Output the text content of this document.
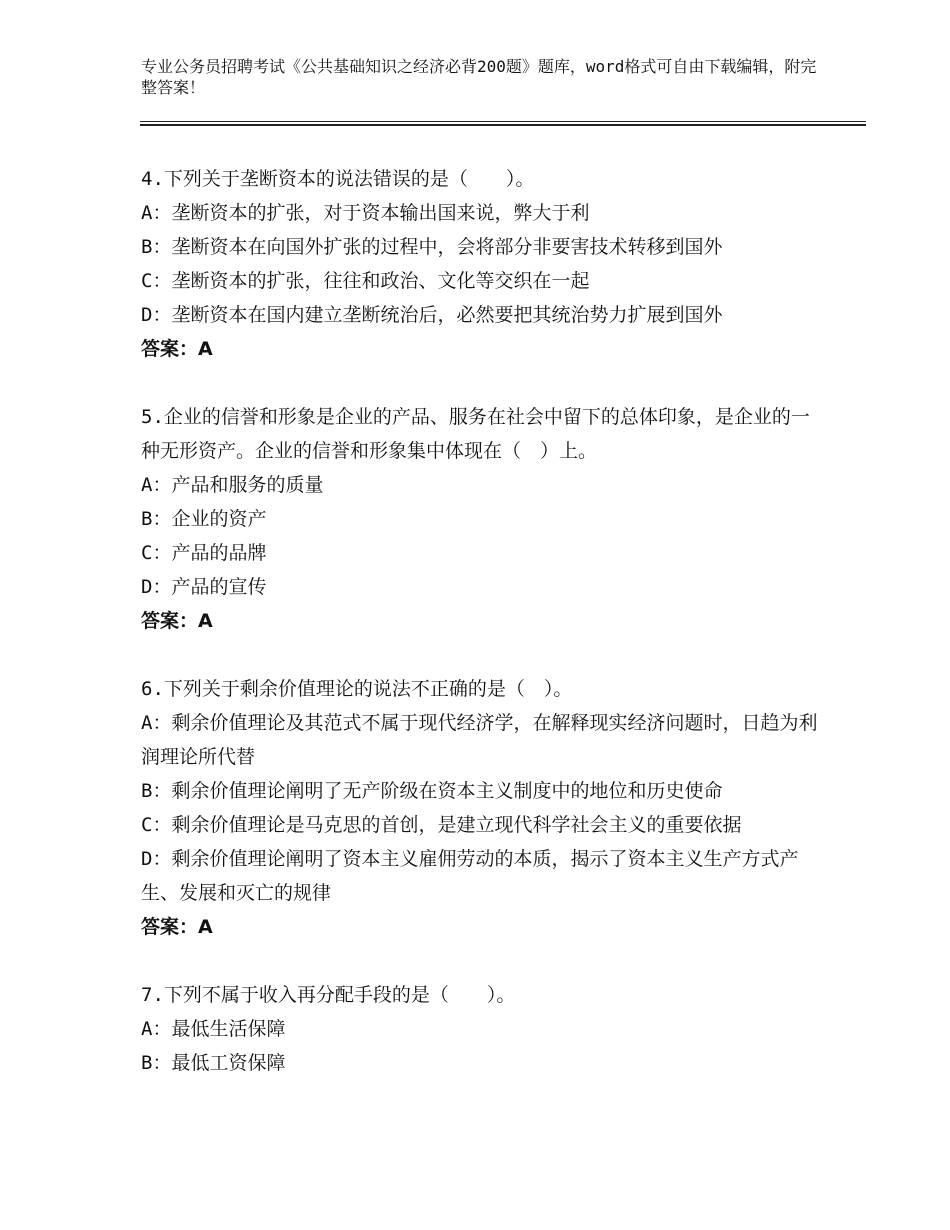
专业公务员招聘考试《公共基础知识之经济必背200题》题库，word格式可自由下载编辑，附完整答案！
4.下列关于垄断资本的说法错误的是（　　）。
A：垄断资本的扩张，对于资本输出国来说，弊大于利
B：垄断资本在向国外扩张的过程中，会将部分非要害技术转移到国外
C：垄断资本的扩张，往往和政治、文化等交织在一起
D：垄断资本在国内建立垄断统治后，必然要把其统治势力扩展到国外
答案：A
5.企业的信誉和形象是企业的产品、服务在社会中留下的总体印象，是企业的一种无形资产。企业的信誉和形象集中体现在（　）上。
A：产品和服务的质量
B：企业的资产
C：产品的品牌
D：产品的宣传
答案：A
6.下列关于剩余价值理论的说法不正确的是（　）。
A：剩余价值理论及其范式不属于现代经济学，在解释现实经济问题时，日趋为利润理论所代替
B：剩余价值理论阐明了无产阶级在资本主义制度中的地位和历史使命
C：剩余价值理论是马克思的首创，是建立现代科学社会主义的重要依据
D：剩余价值理论阐明了资本主义雇佣劳动的本质，揭示了资本主义生产方式产生、发展和灭亡的规律
答案：A
7.下列不属于收入再分配手段的是（　　）。
A：最低生活保障
B：最低工资保障
